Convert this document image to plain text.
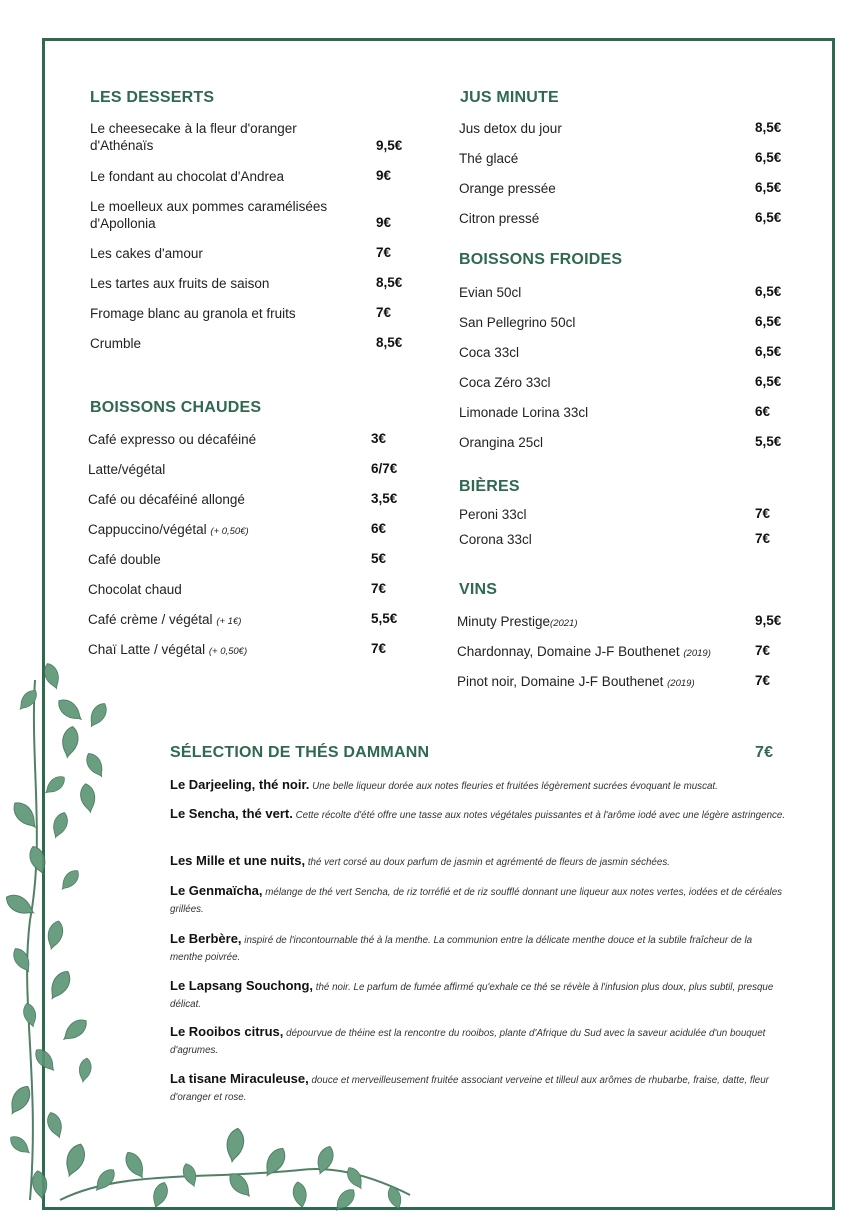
LES DESSERTS
Le cheesecake à la fleur d'oranger
d'Athénaïs	9,5€
Le fondant au chocolat d'Andrea	9€
Le moelleux aux pommes caramélisées
d'Apollonia	9€
Les cakes d'amour	7€
Les tartes aux fruits de saison	8,5€
Fromage blanc au granola et fruits	7€
Crumble	8,5€
BOISSONS CHAUDES
Café expresso ou décaféiné	3€
Latte/végétal	6/7€
Café ou décaféiné allongé	3,5€
Cappuccino/végétal (+ 0,50€)	6€
Café double	5€
Chocolat chaud	7€
Café crème / végétal (+ 1€)	5,5€
Chaï Latte / végétal (+ 0,50€)	7€
JUS MINUTE
Jus detox du jour	8,5€
Thé glacé	6,5€
Orange pressée	6,5€
Citron pressé	6,5€
BOISSONS FROIDES
Evian 50cl	6,5€
San Pellegrino 50cl	6,5€
Coca 33cl	6,5€
Coca Zéro 33cl	6,5€
Limonade Lorina 33cl	6€
Orangina 25cl	5,5€
BIÈRES
Peroni 33cl	7€
Corona 33cl	7€
VINS
Minuty Prestige(2021)	9,5€
Chardonnay, Domaine J-F Bouthenet (2019)	7€
Pinot noir, Domaine J-F Bouthenet (2019)	7€
SÉLECTION DE THÉS DAMMANN	7€
Le Darjeeling, thé noir. Une belle liqueur dorée aux notes fleuries et fruitées légèrement sucrées évoquant le muscat.
Le Sencha, thé vert. Cette récolte d'été offre une tasse aux notes végétales puissantes et à l'arôme iodé avec une légère astringence.
Les Mille et une nuits, thé vert corsé au doux parfum de jasmin et agrémenté de fleurs de jasmin séchées.
Le Genmaïcha, mélange de thé vert Sencha, de riz torréfié et de riz soufflé donnant une liqueur aux notes vertes, iodées et de céréales grillées.
Le Berbère, inspiré de l'incontournable thé à la menthe. La communion entre la délicate menthe douce et la subtile fraîcheur de la menthe poivrée.
Le Lapsang Souchong, thé noir. Le parfum de fumée affirmé qu'exhale ce thé se révèle à l'infusion plus doux, plus subtil, presque délicat.
Le Rooibos citrus, dépourvue de théine est la rencontre du rooibos, plante d'Afrique du Sud avec la saveur acidulée d'un bouquet d'agrumes.
La tisane Miraculeuse, douce et merveilleusement fruitée associant verveine et tilleul aux arômes de rhubarbe, fraise, datte, fleur d'oranger et rose.
